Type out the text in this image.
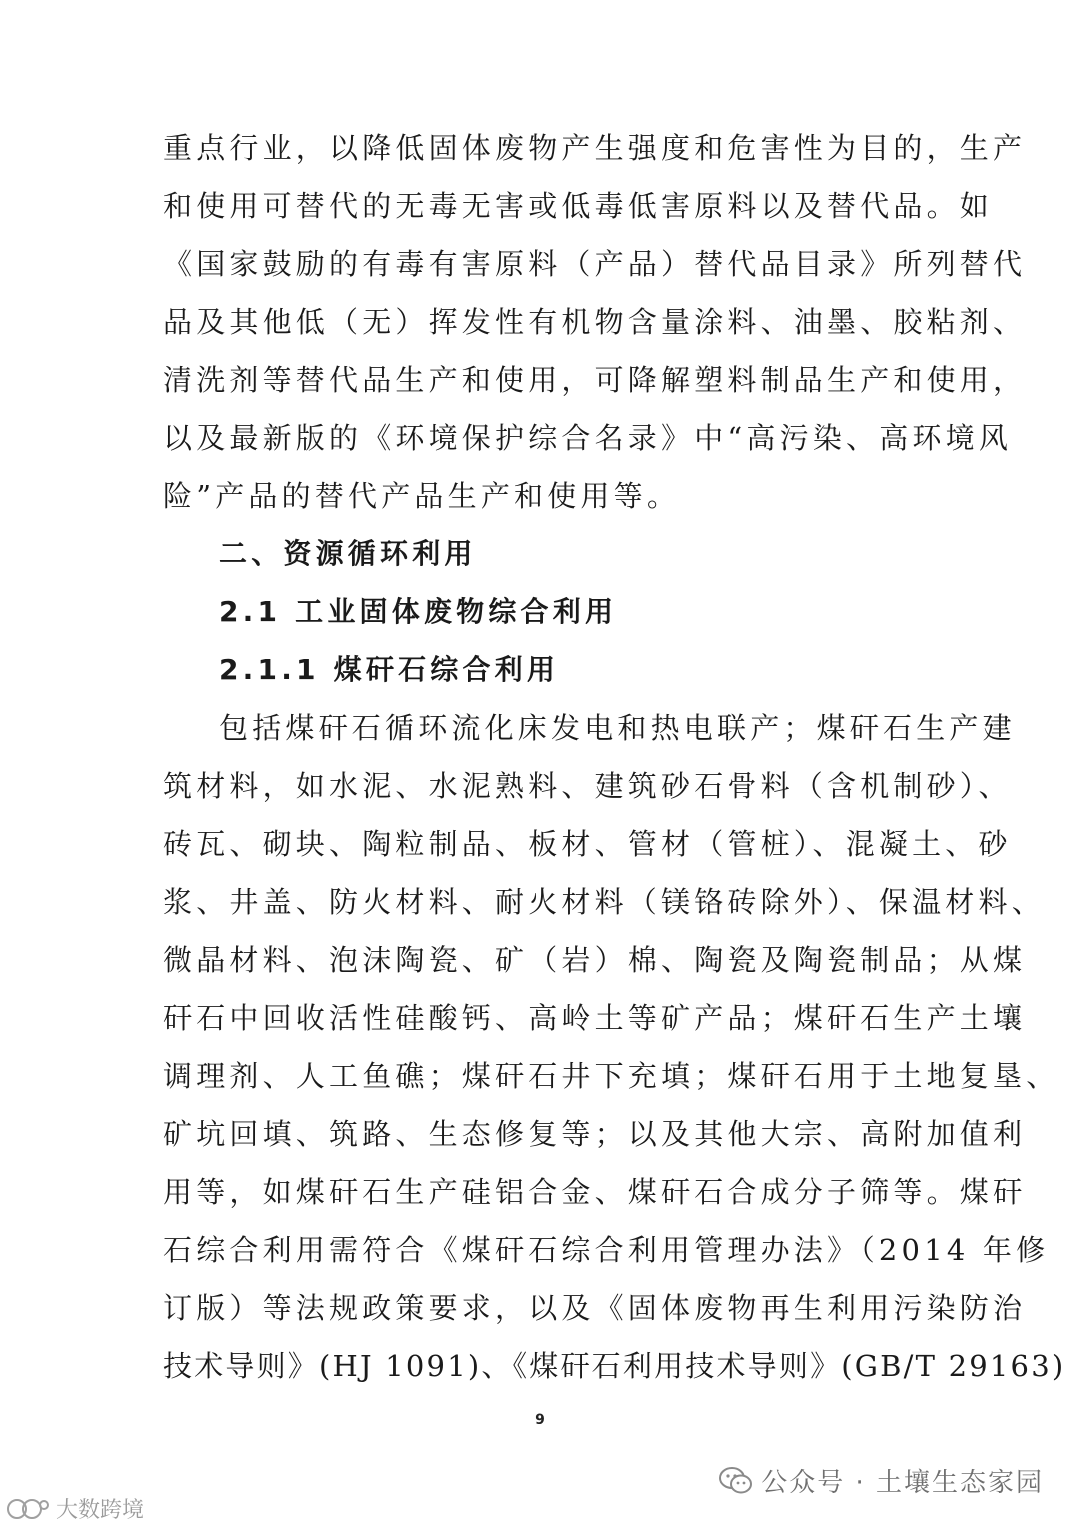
重点行业，以降低固体废物产生强度和危害性为目的，生产
和使用可替代的无毒无害或低毒低害原料以及替代品。如
《国家鼓励的有毒有害原料（产品）替代品目录》所列替代
品及其他低（无）挥发性有机物含量涂料、油墨、胶粘剂、
清洗剂等替代品生产和使用，可降解塑料制品生产和使用，
以及最新版的《环境保护综合名录》中“高污染、高环境风
险”产品的替代产品生产和使用等。
二、资源循环利用
2.1 工业固体废物综合利用
2.1.1 煤矸石综合利用
包括煤矸石循环流化床发电和热电联产；煤矸石生产建
筑材料，如水泥、水泥熟料、建筑砂石骨料（含机制砂）、
砖瓦、砌块、陶粒制品、板材、管材（管桩）、混凝土、砂
浆、井盖、防火材料、耐火材料（镁铬砖除外）、保温材料、
微晶材料、泡沫陶瓷、矿（岩）棉、陶瓷及陶瓷制品；从煤
矸石中回收活性硅酸钙、高岭土等矿产品；煤矸石生产土壤
调理剂、人工鱼礁；煤矸石井下充填；煤矸石用于土地复垦、
矿坑回填、筑路、生态修复等；以及其他大宗、高附加值利
用等，如煤矸石生产硅铝合金、煤矸石合成分子筛等。煤矸
石综合利用需符合《煤矸石综合利用管理办法》（2014 年修
订版）等法规政策要求，以及《固体废物再生利用污染防治
技术导则》(HJ 1091)、《煤矸石利用技术导则》(GB/T 29163)
9
公众号 · 土壤生态家园
大数跨境
